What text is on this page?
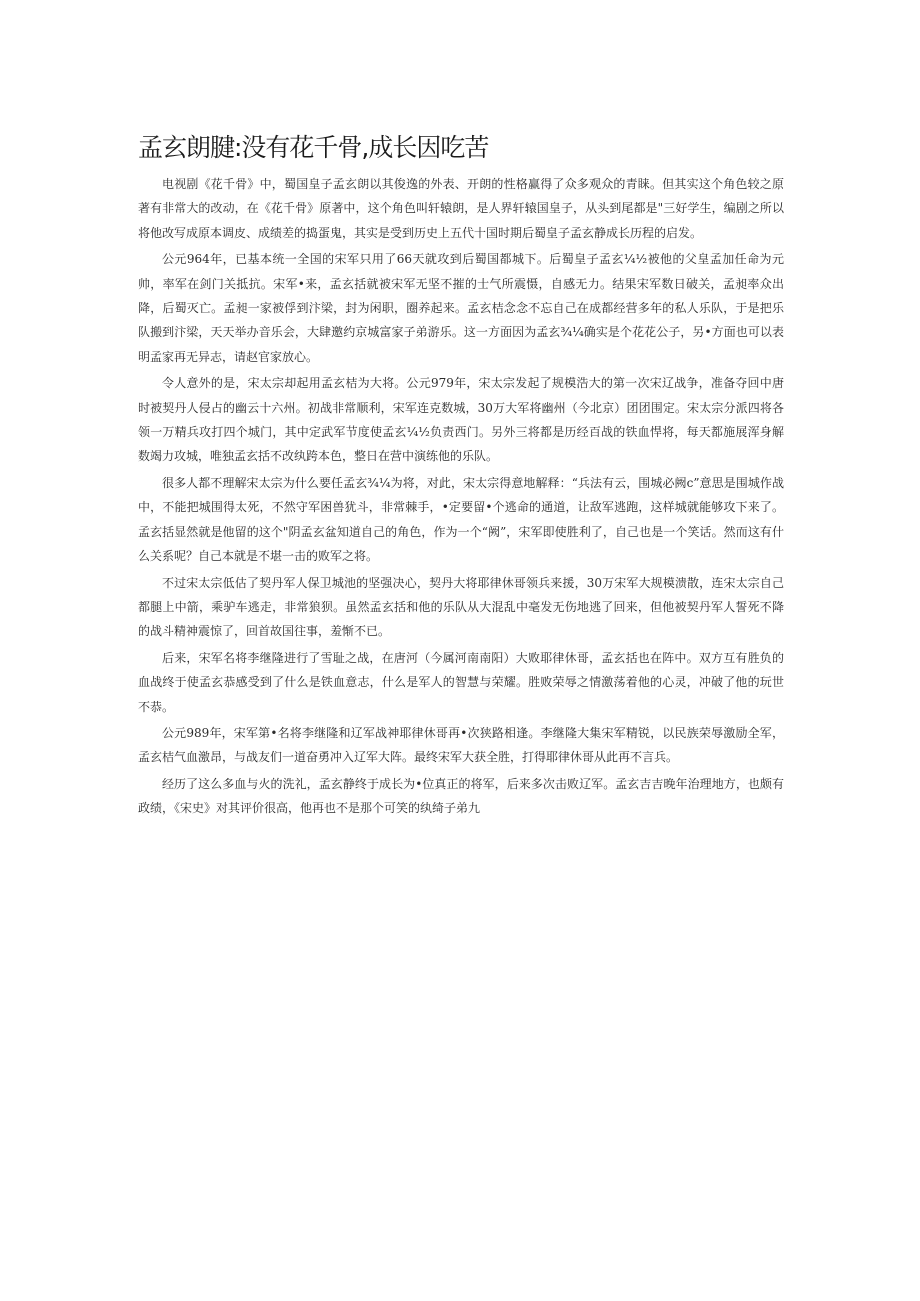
孟玄朗腱:没有花千骨,成长因吃苦

电视剧《花千骨》中，蜀国皇子孟玄朗以其俊逸的外表、开朗的性格赢得了众多观众的青睐。但其实这个角色较之原著有非常大的改动，在《花千骨》原著中，这个角色叫轩辕朗，是人界轩辕国皇子，从头到尾都是"三好学生，编剧之所以将他改写成原本调皮、成绩差的捣蛋鬼，其实是受到历史上五代十国时期后蜀皇子孟玄静成长历程的启发。

公元964年，已基本统一全国的宋军只用了66天就攻到后蜀国都城下。后蜀皇子孟玄¼½被他的父皇孟加任命为元帅，率军在剑门关抵抗。宋军•来，孟玄括就被宋军无坚不摧的士气所震慑，自感无力。结果宋军数日破关，孟昶率众出降，后蜀灭亡。孟昶一家被俘到汴梁，封为闲职，圈养起来。孟玄桔念念不忘自己在成都经营多年的私人乐队，于是把乐队搬到汴梁，天天举办音乐会，大肆邀约京城富家子弟游乐。这一方面因为孟玄¾¼确实是个花花公子，另•方面也可以表明孟家再无异志，请赵官家放心。

令人意外的是，宋太宗却起用孟玄桔为大将。公元979年，宋太宗发起了规模浩大的第一次宋辽战争，准备夺回中唐时被契丹人侵占的幽云十六州。初战非常顺利，宋军连克数城，30万大军将幽州（今北京）团团围定。宋太宗分派四将各领一万精兵攻打四个城门，其中定武军节度使孟玄¼½负责西门。另外三将都是历经百战的铁血悍将，每天都施展浑身解数竭力攻城，唯独孟玄括不改纨跨本色，整日在营中演练他的乐队。

很多人都不理解宋太宗为什么要任孟玄¾¼为将，对此，宋太宗得意地解释：“兵法有云，围城必阙c”意思是围城作战中，不能把城围得太死，不然守军困兽犹斗，非常棘手，•定要留•个逃命的通道，让敌军逃跑，这样城就能够攻下来了。孟玄括显然就是他留的这个"阴孟玄盆知道自己的角色，作为一个“阙”，宋军即使胜利了，自己也是一个笑话。然而这有什么关系呢？自己本就是不堪一击的败军之将。

不过宋太宗低估了契丹军人保卫城池的坚强决心，契丹大将耶律休哥领兵来援，30万宋军大规模溃散，连宋太宗自己都腿上中箭，乘驴车逃走，非常狼狈。虽然孟玄括和他的乐队从大混乱中毫发无伤地逃了回来，但他被契丹军人誓死不降的战斗精神震惊了，回首故国往事，羞惭不已。

后来，宋军名将李继隆进行了雪耻之战，在唐河（今属河南南阳）大败耶律休哥，孟玄括也在阵中。双方互有胜负的血战终于使孟玄恭感受到了什么是铁血意志，什么是军人的智慧与荣耀。胜败荣辱之情激荡着他的心灵，冲破了他的玩世不恭。

公元989年，宋军第•名将李继隆和辽军战神耶律休哥再•次狭路相逢。李继隆大集宋军精锐，以民族荣辱激励全军，孟玄桔气血激昂，与战友们一道奋勇冲入辽军大阵。最终宋军大获全胜，打得耶律休哥从此再不言兵。

经历了这么多血与火的洗礼，孟玄静终于成长为•位真正的将军，后来多次击败辽军。孟玄吉吉晚年治理地方，也颇有政绩，《宋史》对其评价很高，他再也不是那个可笑的纨绮子弟九
